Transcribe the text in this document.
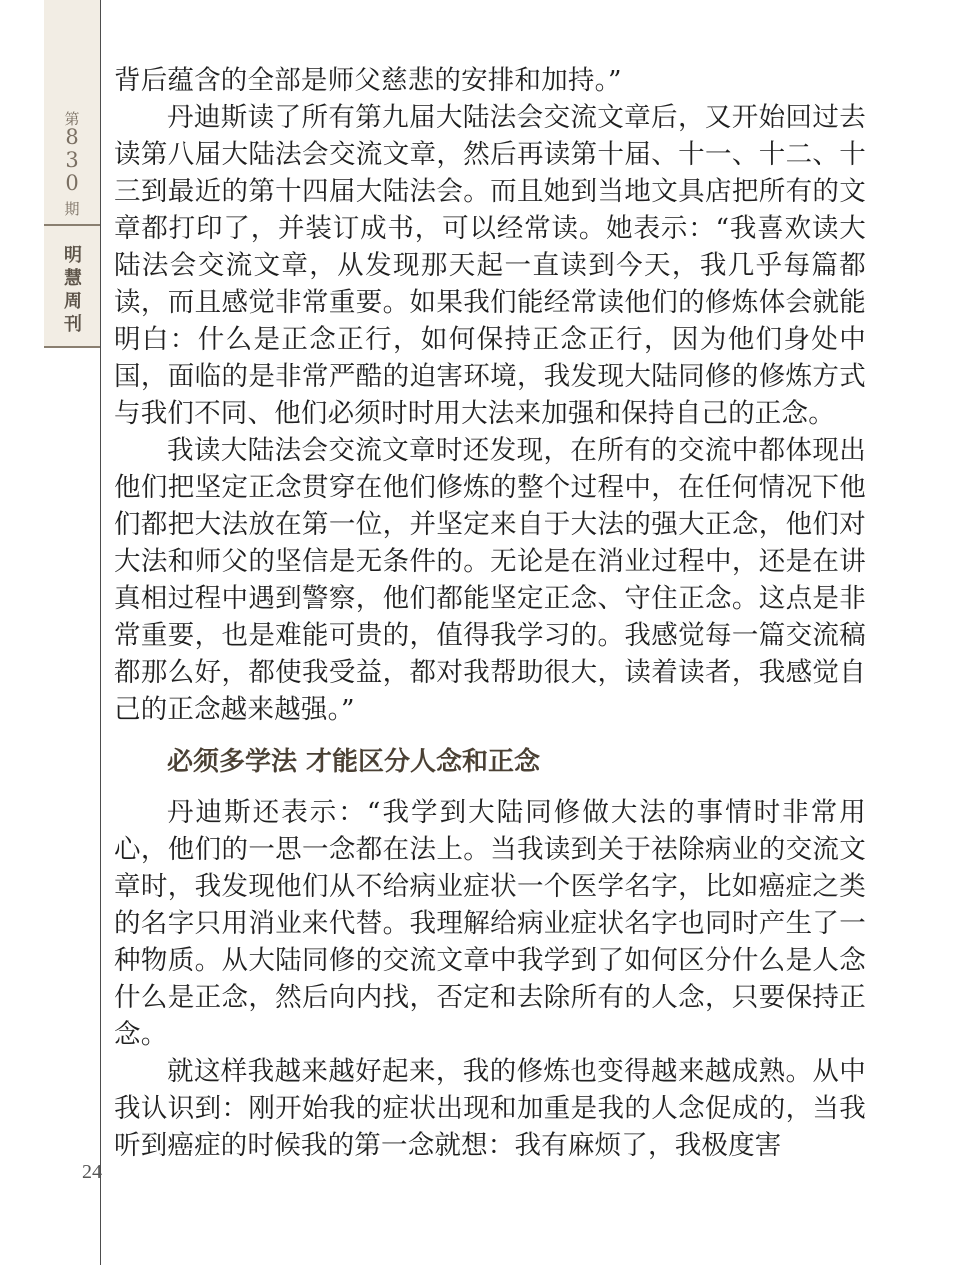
第
830
期
明慧周刊
24

背后蕴含的全部是师父慈悲的安排和加持。”

丹迪斯读了所有第九届大陆法会交流文章后，又开始回过去读第八届大陆法会交流文章，然后再读第十届、十一、十二、十三到最近的第十四届大陆法会。而且她到当地文具店把所有的文章都打印了，并装订成书，可以经常读。她表示：“我喜欢读大陆法会交流文章，从发现那天起一直读到今天，我几乎每篇都读，而且感觉非常重要。如果我们能经常读他们的修炼体会就能明白：什么是正念正行，如何保持正念正行，因为他们身处中国，面临的是非常严酷的迫害环境，我发现大陆同修的修炼方式与我们不同、他们必须时时用大法来加强和保持自己的正念。

我读大陆法会交流文章时还发现，在所有的交流中都体现出他们把坚定正念贯穿在他们修炼的整个过程中，在任何情况下他们都把大法放在第一位，并坚定来自于大法的强大正念，他们对大法和师父的坚信是无条件的。无论是在消业过程中，还是在讲真相过程中遇到警察，他们都能坚定正念、守住正念。这点是非常重要，也是难能可贵的，值得我学习的。我感觉每一篇交流稿都那么好，都使我受益，都对我帮助很大，读着读者，我感觉自己的正念越来越强。”

必须多学法 才能区分人念和正念

丹迪斯还表示：“我学到大陆同修做大法的事情时非常用心，他们的一思一念都在法上。当我读到关于祛除病业的交流文章时，我发现他们从不给病业症状一个医学名字，比如癌症之类的名字只用消业来代替。我理解给病业症状名字也同时产生了一种物质。从大陆同修的交流文章中我学到了如何区分什么是人念什么是正念，然后向内找，否定和去除所有的人念，只要保持正念。

就这样我越来越好起来，我的修炼也变得越来越成熟。从中我认识到：刚开始我的症状出现和加重是我的人念促成的，当我听到癌症的时候我的第一念就想：我有麻烦了，我极度害
